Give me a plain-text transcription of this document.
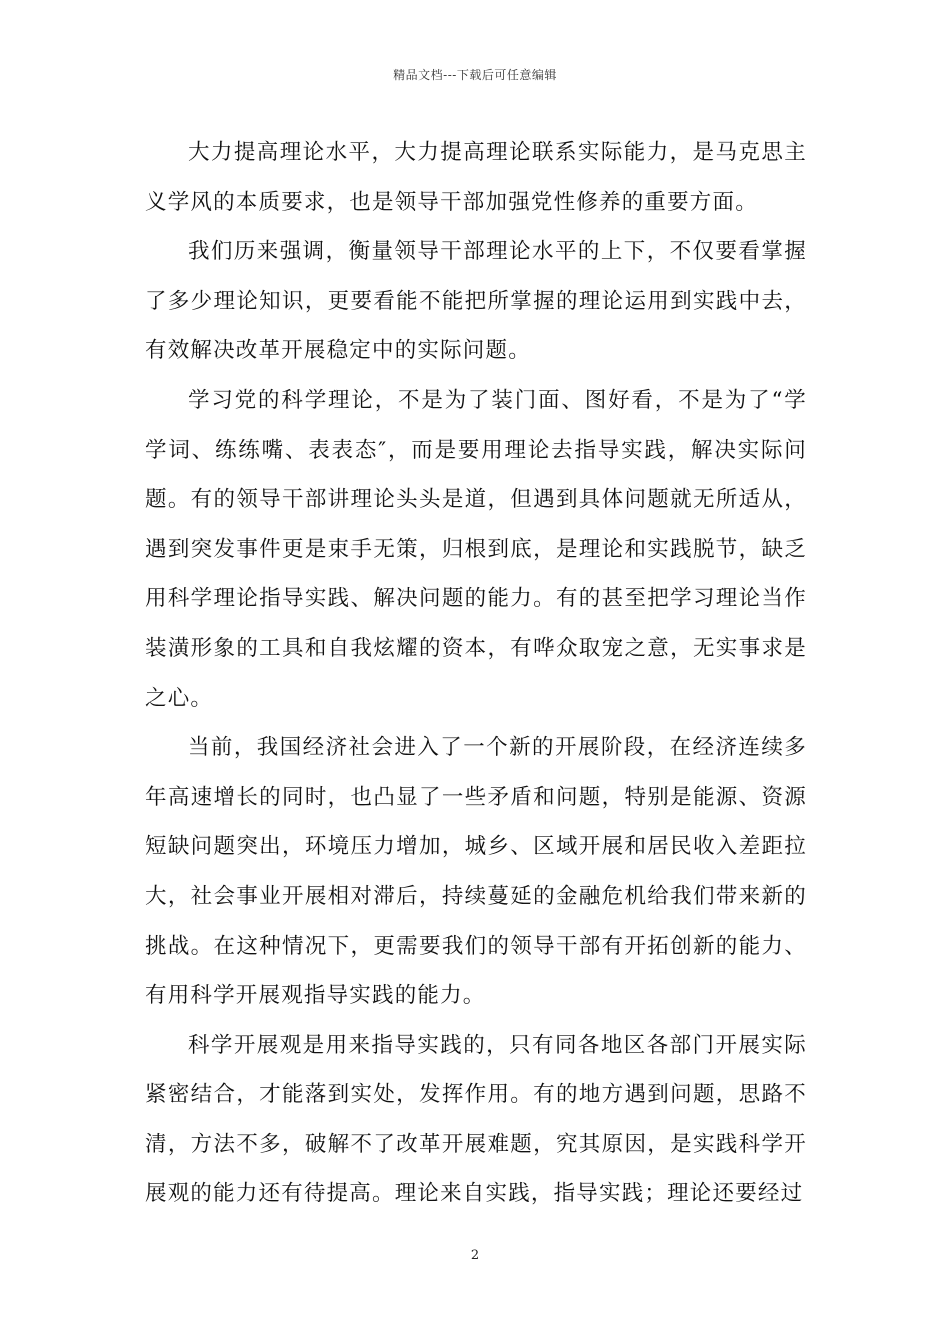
精品文档---下载后可任意编辑

大力提高理论水平，大力提高理论联系实际能力，是马克思主义学风的本质要求，也是领导干部加强党性修养的重要方面。

我们历来强调，衡量领导干部理论水平的上下，不仅要看掌握了多少理论知识，更要看能不能把所掌握的理论运用到实践中去，有效解决改革开展稳定中的实际问题。

学习党的科学理论，不是为了装门面、图好看，不是为了“学学词、练练嘴、表表态″，而是要用理论去指导实践，解决实际问题。有的领导干部讲理论头头是道，但遇到具体问题就无所适从，遇到突发事件更是束手无策，归根到底，是理论和实践脱节，缺乏用科学理论指导实践、解决问题的能力。有的甚至把学习理论当作装潢形象的工具和自我炫耀的资本，有哗众取宠之意，无实事求是之心。

当前，我国经济社会进入了一个新的开展阶段，在经济连续多年高速增长的同时，也凸显了一些矛盾和问题，特别是能源、资源短缺问题突出，环境压力增加，城乡、区域开展和居民收入差距拉大，社会事业开展相对滞后，持续蔓延的金融危机给我们带来新的挑战。在这种情况下，更需要我们的领导干部有开拓创新的能力、有用科学开展观指导实践的能力。

科学开展观是用来指导实践的，只有同各地区各部门开展实际紧密结合，才能落到实处，发挥作用。有的地方遇到问题，思路不清，方法不多，破解不了改革开展难题，究其原因，是实践科学开展观的能力还有待提高。理论来自实践，指导实践；理论还要经过

2
